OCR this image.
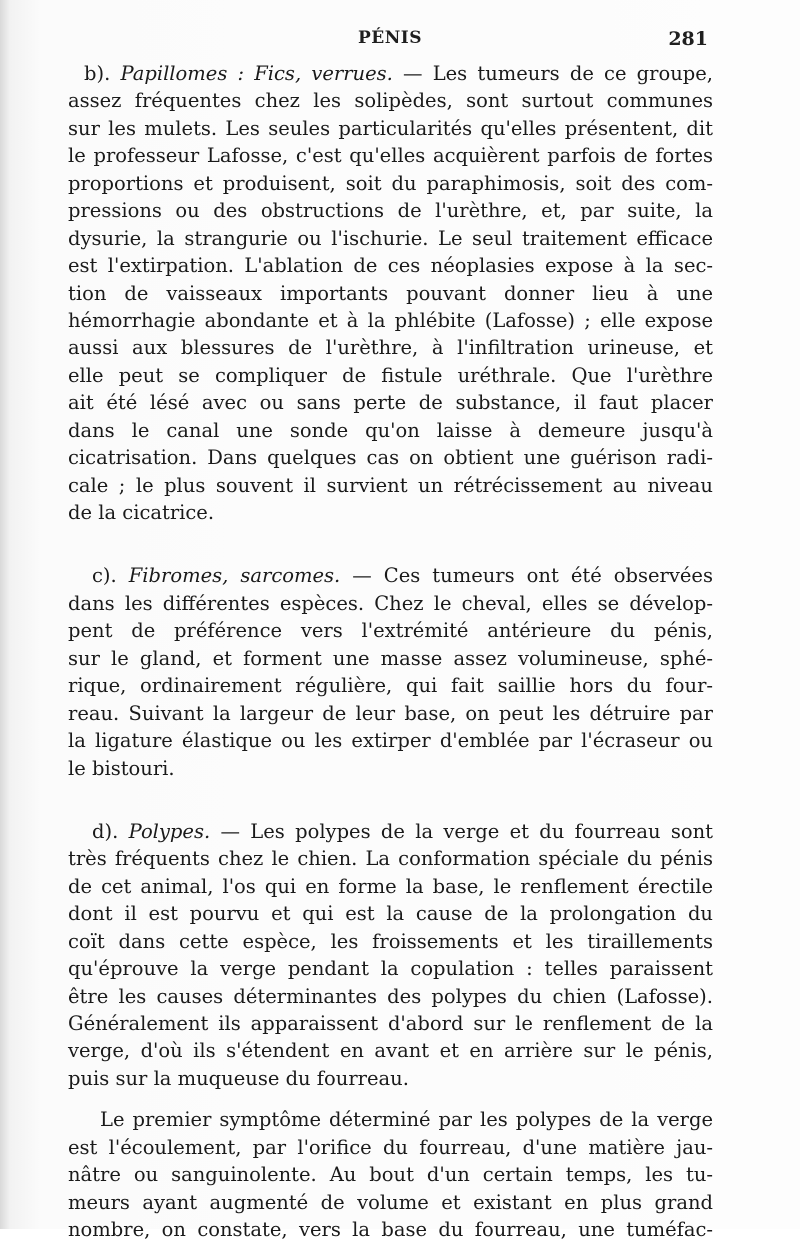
PÉNIS	281
b). Papillomes : Fics, verrues. — Les tumeurs de ce groupe,
assez fréquentes chez les solipèdes, sont surtout communes
sur les mulets. Les seules particularités qu'elles présentent, dit
le professeur Lafosse, c'est qu'elles acquièrent parfois de fortes
proportions et produisent, soit du paraphimosis, soit des com-
pressions ou des obstructions de l'urèthre, et, par suite, la
dysurie, la strangurie ou l'ischurie. Le seul traitement efficace
est l'extirpation. L'ablation de ces néoplasies expose à la sec-
tion de vaisseaux importants pouvant donner lieu à une
hémorrhagie abondante et à la phlébite (Lafosse) ; elle expose
aussi aux blessures de l'urèthre, à l'infiltration urineuse, et
elle peut se compliquer de fistule uréthrale. Que l'urèthre
ait été lésé avec ou sans perte de substance, il faut placer
dans le canal une sonde qu'on laisse à demeure jusqu'à
cicatrisation. Dans quelques cas on obtient une guérison radi-
cale ; le plus souvent il survient un rétrécissement au niveau
de la cicatrice.
c). Fibromes, sarcomes. — Ces tumeurs ont été observées
dans les différentes espèces. Chez le cheval, elles se dévelop-
pent de préférence vers l'extrémité antérieure du pénis,
sur le gland, et forment une masse assez volumineuse, sphé-
rique, ordinairement régulière, qui fait saillie hors du four-
reau. Suivant la largeur de leur base, on peut les détruire par
la ligature élastique ou les extirper d'emblée par l'écraseur ou
le bistouri.
d). Polypes. — Les polypes de la verge et du fourreau sont
très fréquents chez le chien. La conformation spéciale du pénis
de cet animal, l'os qui en forme la base, le renflement érectile
dont il est pourvu et qui est la cause de la prolongation du
coït dans cette espèce, les froissements et les tiraillements
qu'éprouve la verge pendant la copulation : telles paraissent
être les causes déterminantes des polypes du chien (Lafosse).
Généralement ils apparaissent d'abord sur le renflement de la
verge, d'où ils s'étendent en avant et en arrière sur le pénis,
puis sur la muqueuse du fourreau.
Le premier symptôme déterminé par les polypes de la verge
est l'écoulement, par l'orifice du fourreau, d'une matière jau-
nâtre ou sanguinolente. Au bout d'un certain temps, les tu-
meurs ayant augmenté de volume et existant en plus grand
nombre, on constate, vers la base du fourreau, une tuméfac-
